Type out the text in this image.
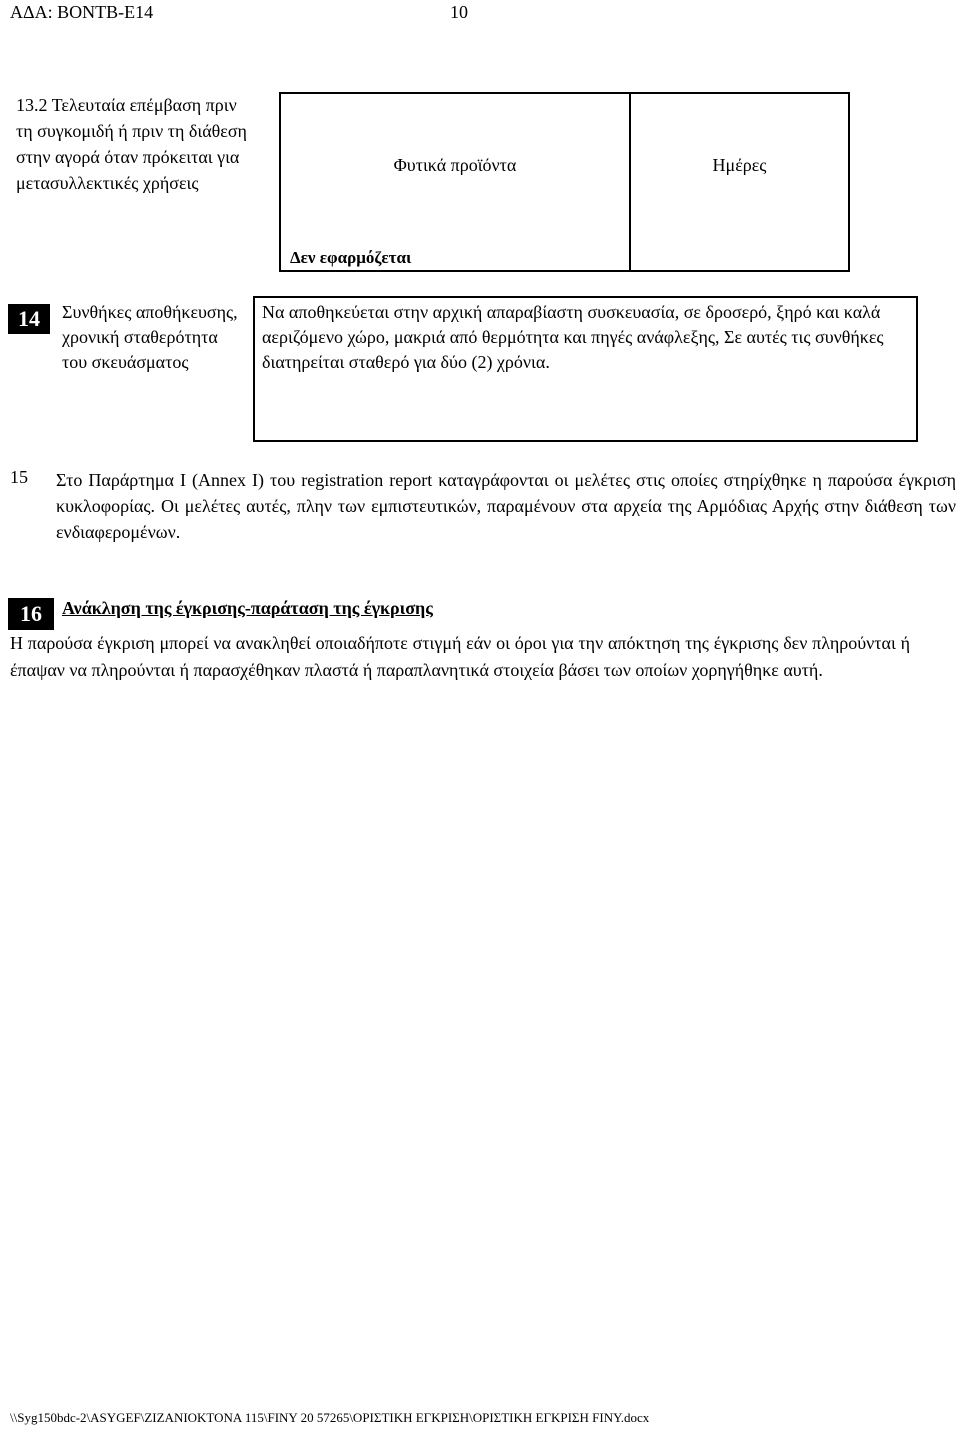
ΑΔΑ: ΒΟΝΤΒ-Ε14	10
13.2 Τελευταία επέμβαση πριν τη συγκομιδή ή πριν τη διάθεση στην αγορά όταν πρόκειται για μετασυλλεκτικές χρήσεις
Φυτικά προϊόντα	Ημέρες
Δεν εφαρμόζεται
14	Συνθήκες αποθήκευσης, χρονική σταθερότητα του σκευάσματος
Να αποθηκεύεται στην αρχική απαραβίαστη συσκευασία, σε δροσερό, ξηρό και καλά αεριζόμενο χώρο, μακριά από θερμότητα και πηγές ανάφλεξης, Σε αυτές τις συνθήκες διατηρείται σταθερό για δύο (2) χρόνια.
15 Στο Παράρτημα Ι (Annex I) του registration report καταγράφονται οι μελέτες στις οποίες στηρίχθηκε η παρούσα έγκριση κυκλοφορίας. Οι μελέτες αυτές, πλην των εμπιστευτικών, παραμένουν στα αρχεία της Αρμόδιας Αρχής στην διάθεση των ενδιαφερομένων.
16	Ανάκληση της έγκρισης-παράταση της έγκρισης
Η παρούσα έγκριση μπορεί να ανακληθεί οποιαδήποτε στιγμή εάν οι όροι για την απόκτηση της έγκρισης δεν πληρούνται ή έπαψαν να πληρούνται ή παρασχέθηκαν πλαστά ή παραπλανητικά στοιχεία βάσει των οποίων χορηγήθηκε αυτή.
\\Syg150bdc-2\ASYGEF\ZIZANIOKTONA 115\FINY 20 57265\ΟΡΙΣΤΙΚΗ ΕΓΚΡΙΣΗ\ΟΡΙΣΤΙΚΗ ΕΓΚΡΙΣΗ FINY.docx
